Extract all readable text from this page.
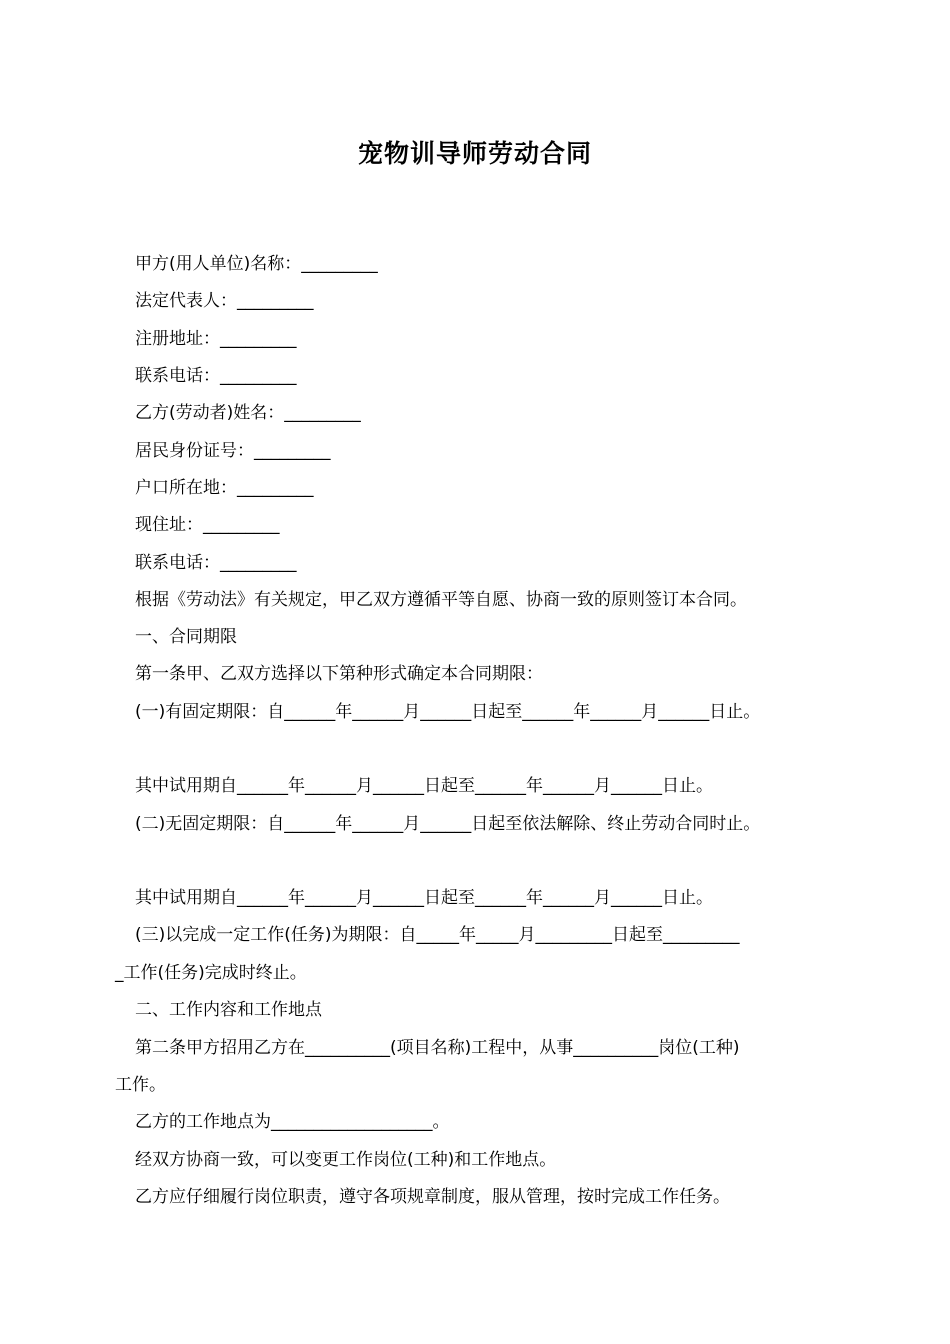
宠物训导师劳动合同
甲方(用人单位)名称：_________
法定代表人：_________
注册地址：_________
联系电话：_________
乙方(劳动者)姓名：_________
居民身份证号：_________
户口所在地：_________
现住址：_________
联系电话：_________
根据《劳动法》有关规定，甲乙双方遵循平等自愿、协商一致的原则签订本合同。
一、合同期限
第一条甲、乙双方选择以下第种形式确定本合同期限：
(一)有固定期限：自______年______月______日起至______年______月______日止。
其中试用期自______年______月______日起至______年______月______日止。
(二)无固定期限：自______年______月______日起至依法解除、终止劳动合同时止。
其中试用期自______年______月______日起至______年______月______日止。
(三)以完成一定工作(任务)为期限：自_____年_____月_________日起至_________
_工作(任务)完成时终止。
二、工作内容和工作地点
第二条甲方招用乙方在__________(项目名称)工程中，从事__________岗位(工种)
工作。
乙方的工作地点为___________________。
经双方协商一致，可以变更工作岗位(工种)和工作地点。
乙方应仔细履行岗位职责，遵守各项规章制度，服从管理，按时完成工作任务。
